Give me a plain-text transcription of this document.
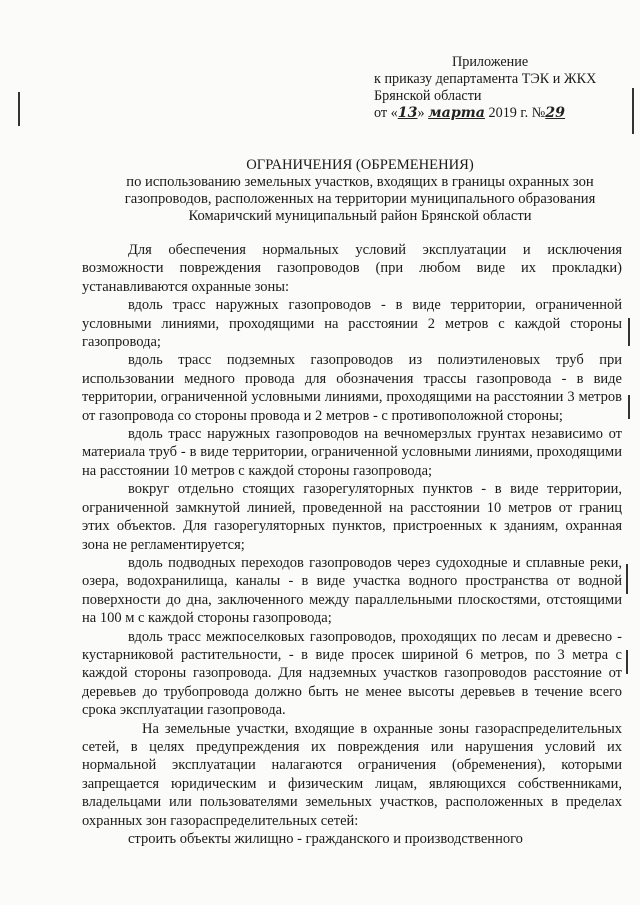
Приложение
к приказу департамента ТЭК и ЖКХ
Брянской области
от «13» марта 2019 г. №29
ОГРАНИЧЕНИЯ (ОБРЕМЕНЕНИЯ)
по использованию земельных участков, входящих в границы охранных зон
газопроводов, расположенных на территории муниципального образования
Комаричский муниципальный район Брянской области

Для обеспечения нормальных условий эксплуатации и исключения возможности повреждения газопроводов (при любом виде их прокладки) устанавливаются охранные зоны:

вдоль трасс наружных газопроводов - в виде территории, ограниченной условными линиями, проходящими на расстоянии 2 метров с каждой стороны газопровода;

вдоль трасс подземных газопроводов из полиэтиленовых труб при использовании медного провода для обозначения трассы газопровода - в виде территории, ограниченной условными линиями, проходящими на расстоянии 3 метров от газопровода со стороны провода и 2 метров - с противоположной стороны;

вдоль трасс наружных газопроводов на вечномерзлых грунтах независимо от материала труб - в виде территории, ограниченной условными линиями, проходящими на расстоянии 10 метров с каждой стороны газопровода;

вокруг отдельно стоящих газорегуляторных пунктов - в виде территории, ограниченной замкнутой линией, проведенной на расстоянии 10 метров от границ этих объектов. Для газорегуляторных пунктов, пристроенных к зданиям, охранная зона не регламентируется;

вдоль подводных переходов газопроводов через судоходные и сплавные реки, озера, водохранилища, каналы - в виде участка водного пространства от водной поверхности до дна, заключенного между параллельными плоскостями, отстоящими на 100 м с каждой стороны газопровода;

вдоль трасс межпоселковых газопроводов, проходящих по лесам и древесно - кустарниковой растительности, - в виде просек шириной 6 метров, по 3 метра с каждой стороны газопровода. Для надземных участков газопроводов расстояние от деревьев до трубопровода должно быть не менее высоты деревьев в течение всего срока эксплуатации газопровода.

На земельные участки, входящие в охранные зоны газораспределительных сетей, в целях предупреждения их повреждения или нарушения условий их нормальной эксплуатации налагаются ограничения (обременения), которыми запрещается юридическим и физическим лицам, являющихся собственниками, владельцами или пользователями земельных участков, расположенных в пределах охранных зон газораспределительных сетей:

строить объекты жилищно - гражданского и производственного
